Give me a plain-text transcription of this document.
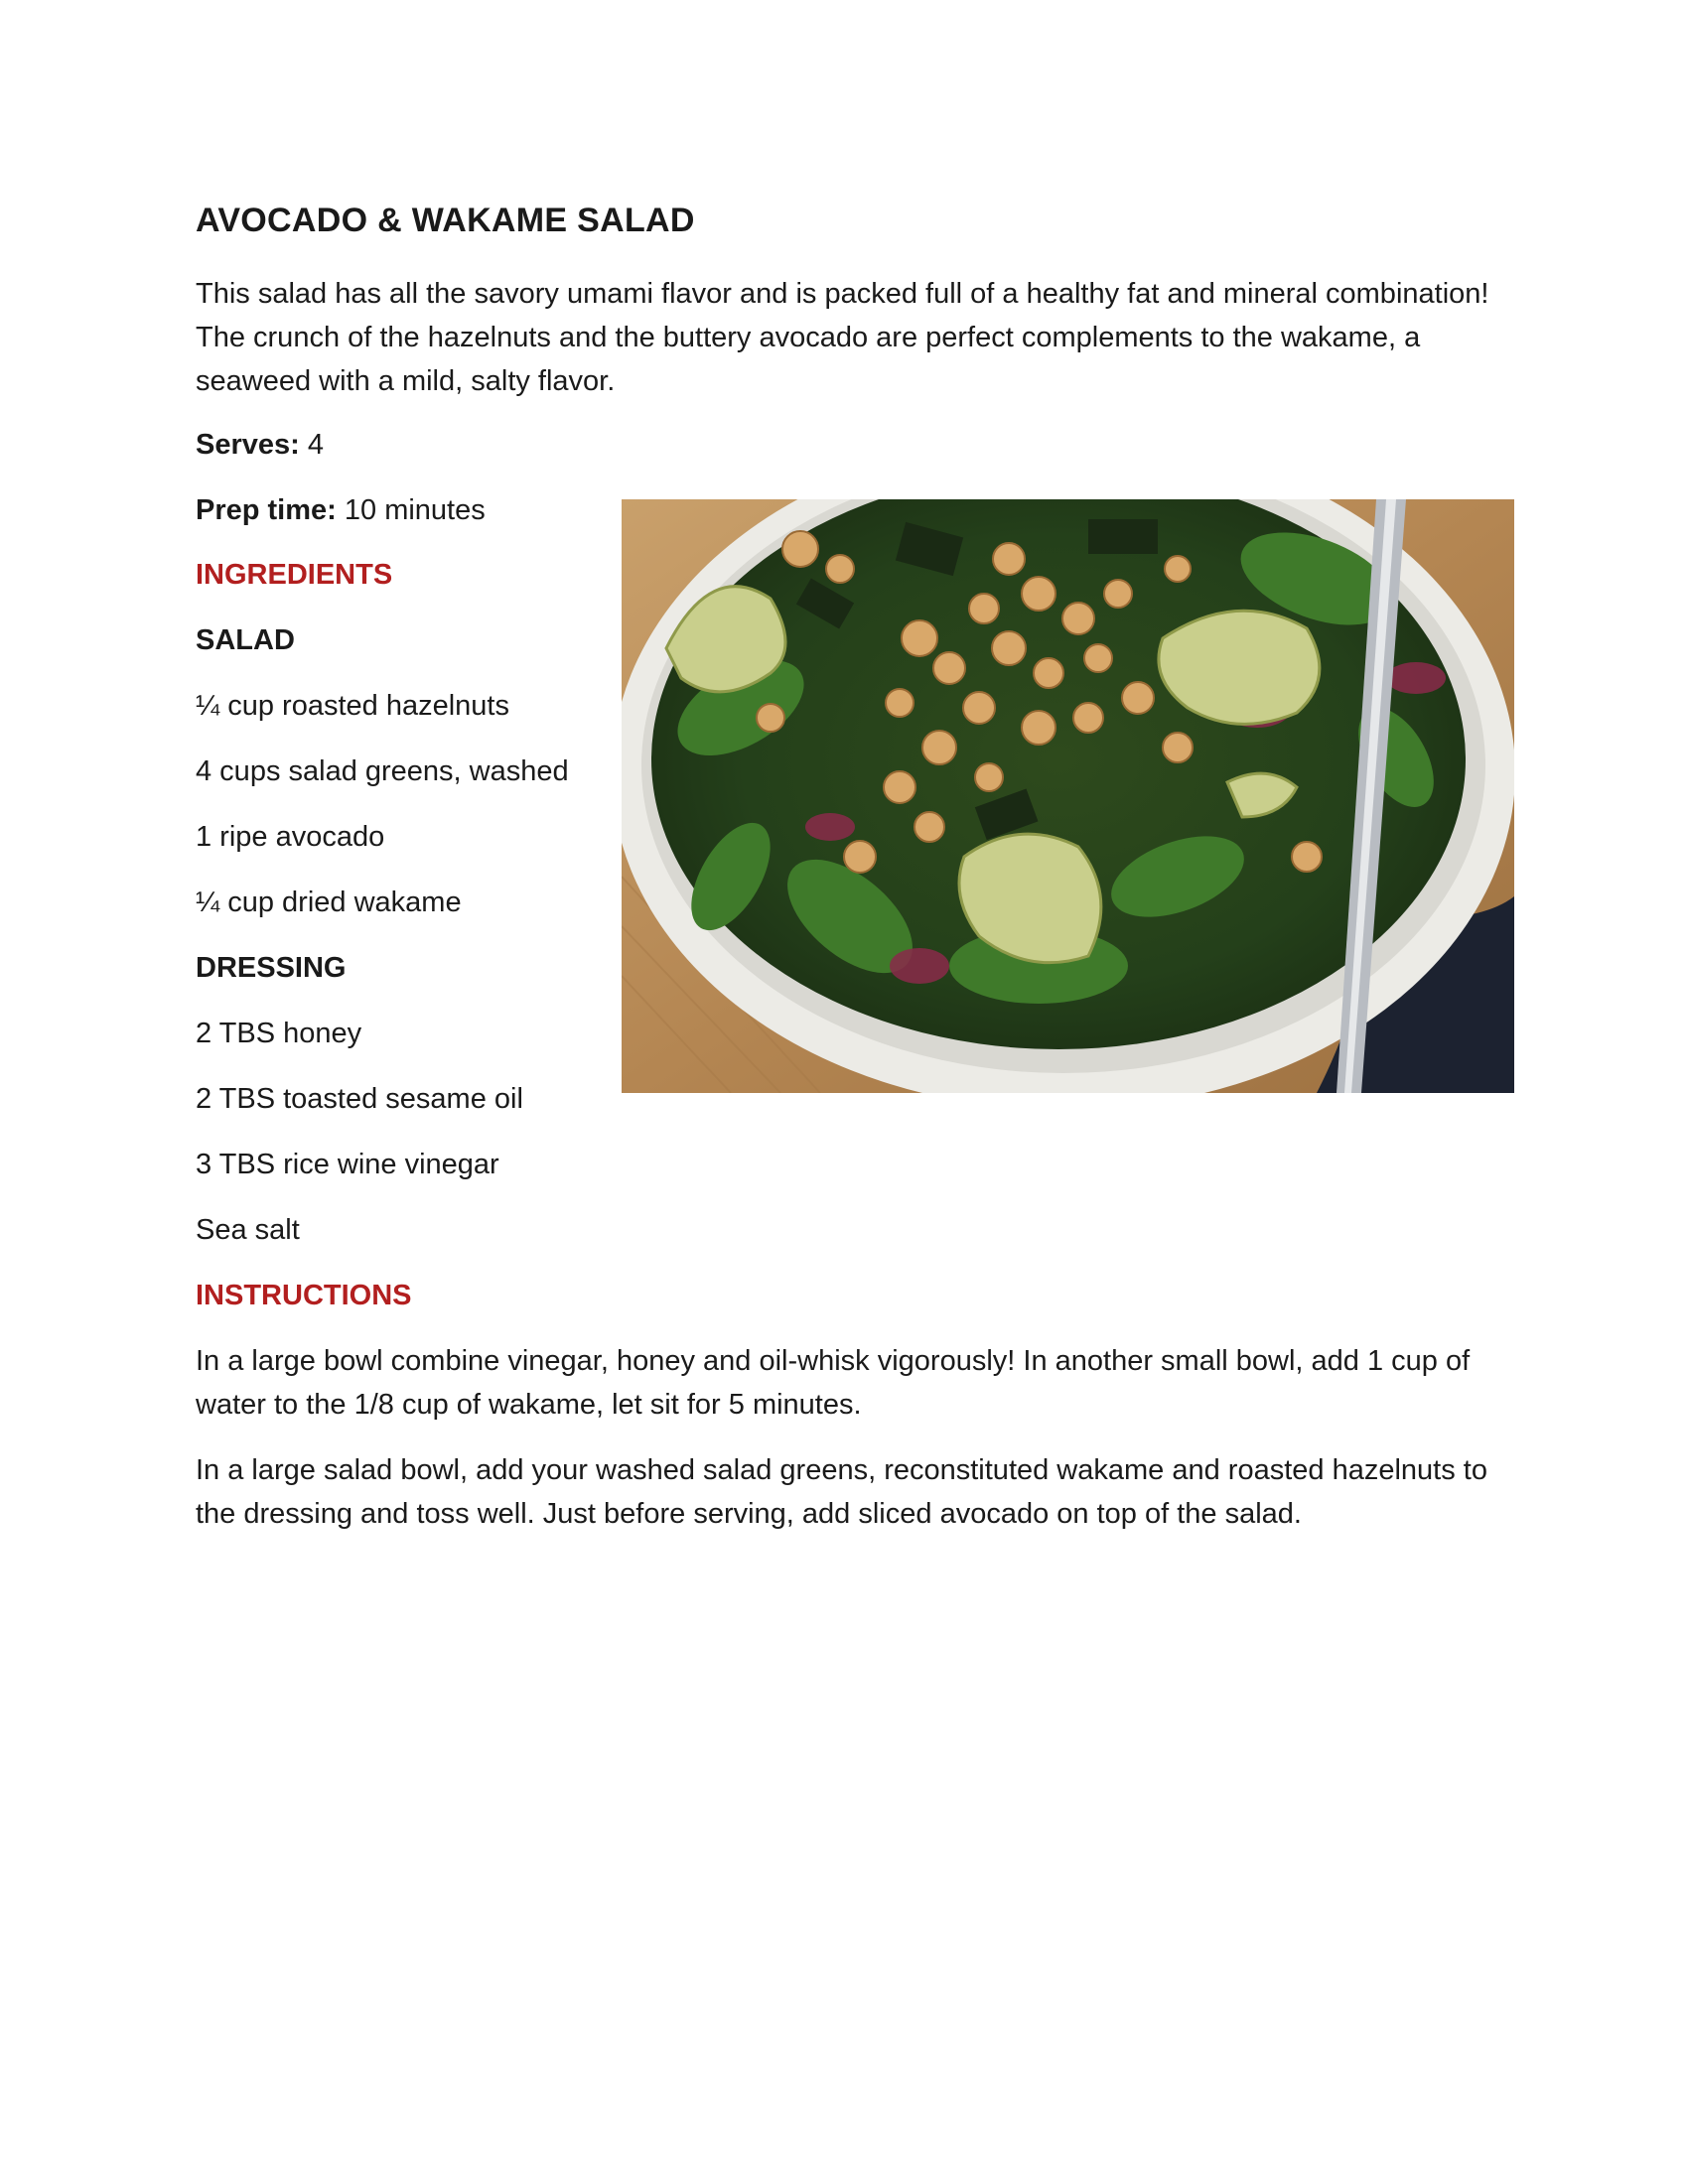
AVOCADO & WAKAME SALAD

This salad has all the savory umami flavor and is packed full of a healthy fat and mineral combination! The crunch of the hazelnuts and the buttery avocado are perfect complements to the wakame, a seaweed with a mild, salty flavor.

Serves: 4

Prep time: 10 minutes

INGREDIENTS

SALAD

¼ cup roasted hazelnuts

4 cups salad greens, washed

1 ripe avocado

¼ cup dried wakame

DRESSING

2 TBS honey

2 TBS toasted sesame oil

3 TBS rice wine vinegar

Sea salt

INSTRUCTIONS

In a large bowl combine vinegar, honey and oil-whisk vigorously! In another small bowl, add 1 cup of water to the 1/8 cup of wakame, let sit for 5 minutes.

In a large salad bowl, add your washed salad greens, reconstituted wakame and roasted hazelnuts to the dressing and toss well. Just before serving, add sliced avocado on top of the salad.
